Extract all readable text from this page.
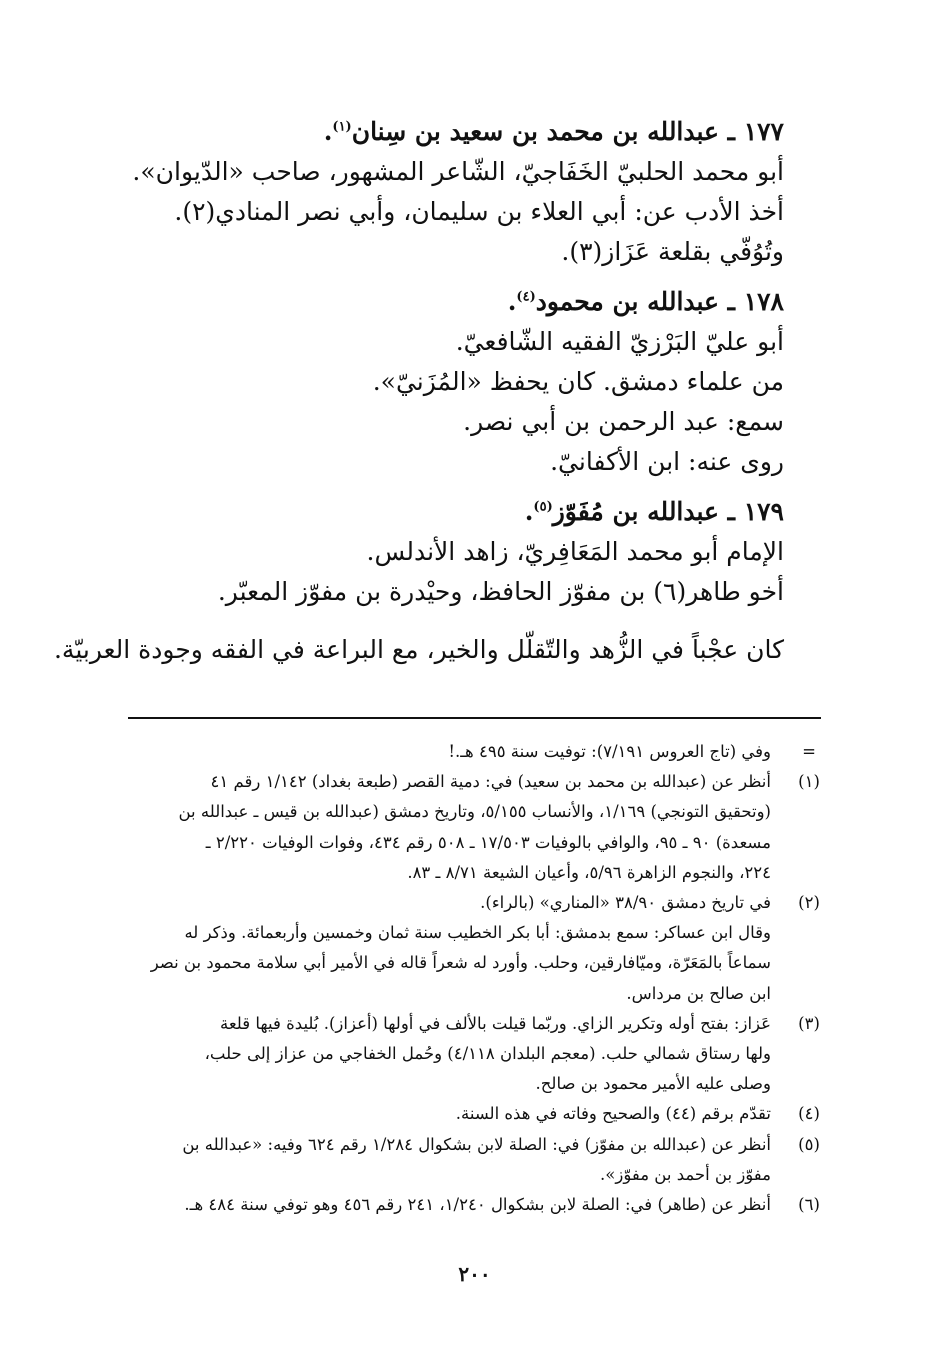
١٧٧ ـ عبدالله بن محمد بن سعيد بن سِنان$^{(١)}$.
أبو محمد الحلبيّ الخَفَاجيّ، الشّاعر المشهور، صاحب «الدّيوان».
أخذ الأدب عن: أبي العلاء بن سليمان، وأبي نصر المنادي(٢).
وتُوُفّي بقلعة عَزَاز(٣).
١٧٨ ـ عبدالله بن محمود$^{(٤)}$.
أبو عليّ البَرْزيّ الفقيه الشّافعيّ.
من علماء دمشق. كان يحفظ «المُزَنيّ».
سمع: عبد الرحمن بن أبي نصر.
روى عنه: ابن الأكفانيّ.
١٧٩ ـ عبدالله بن مُفَوّز$^{(٥)}$.
الإمام أبو محمد المَعَافِريّ، زاهد الأندلس.
أخو طاهر(٦) بن مفوّز الحافظ، وحيْدرة بن مفوّز المعبّر.
كان عجْباً في الزُّهد والتّقلّل والخير، مع البراعة في الفقه وجودة العربيّة.
=

وفي (تاج العروس ٧/١٩١): توفيت سنة ٤٩٥ هـ.!

(١)

أنظر عن (عبدالله بن محمد بن سعيد) في: دمية القصر (طبعة بغداد) ١/١٤٢ رقم ٤١

(وتحقيق التونجي) ١/١٦٩، والأنساب ٥/١٥٥، وتاريخ دمشق (عبدالله بن قيس ـ عبدالله بن

مسعدة) ٩٠ ـ ٩٥، والوافي بالوفيات ١٧/٥٠٣ ـ ٥٠٨ رقم ٤٣٤، وفوات الوفيات ٢/٢٢٠ ـ

٢٢٤، والنجوم الزاهرة ٥/٩٦، وأعيان الشيعة ٨/٧١ ـ ٨٣.

(٢)

في تاريخ دمشق ٣٨/٩٠ «المناري» (بالراء).

وقال ابن عساكر: سمع بدمشق: أبا بكر الخطيب سنة ثمان وخمسين وأربعمائة. وذكر له

سماعاً بالمَعَرّة، وميّافارقين، وحلب. وأورد له شعراً قاله في الأمير أبي سلامة محمود بن نصر

ابن صالح بن مرداس.

(٣)

عَزاز: بفتح أوله وتكرير الزاي. وربّما قيلت بالألف في أولها (أعزاز). بُليدة فيها قلعة

ولها رستاق شمالي حلب. (معجم البلدان ٤/١١٨) وحُمل الخفاجي من عزاز إلى حلب،

وصلى عليه الأمير محمود بن صالح.

(٤)

تقدّم برقم (٤٤) والصحيح وفاته في هذه السنة.

(٥)

أنظر عن (عبدالله بن مفوّز) في: الصلة لابن بشكوال ١/٢٨٤ رقم ٦٢٤ وفيه: «عبدالله بن

مفوّز بن أحمد بن مفوّز».

(٦)

أنظر عن (طاهر) في: الصلة لابن بشكوال ١/٢٤٠، ٢٤١ رقم ٤٥٦ وهو توفي سنة ٤٨٤ هـ.

٢٠٠
